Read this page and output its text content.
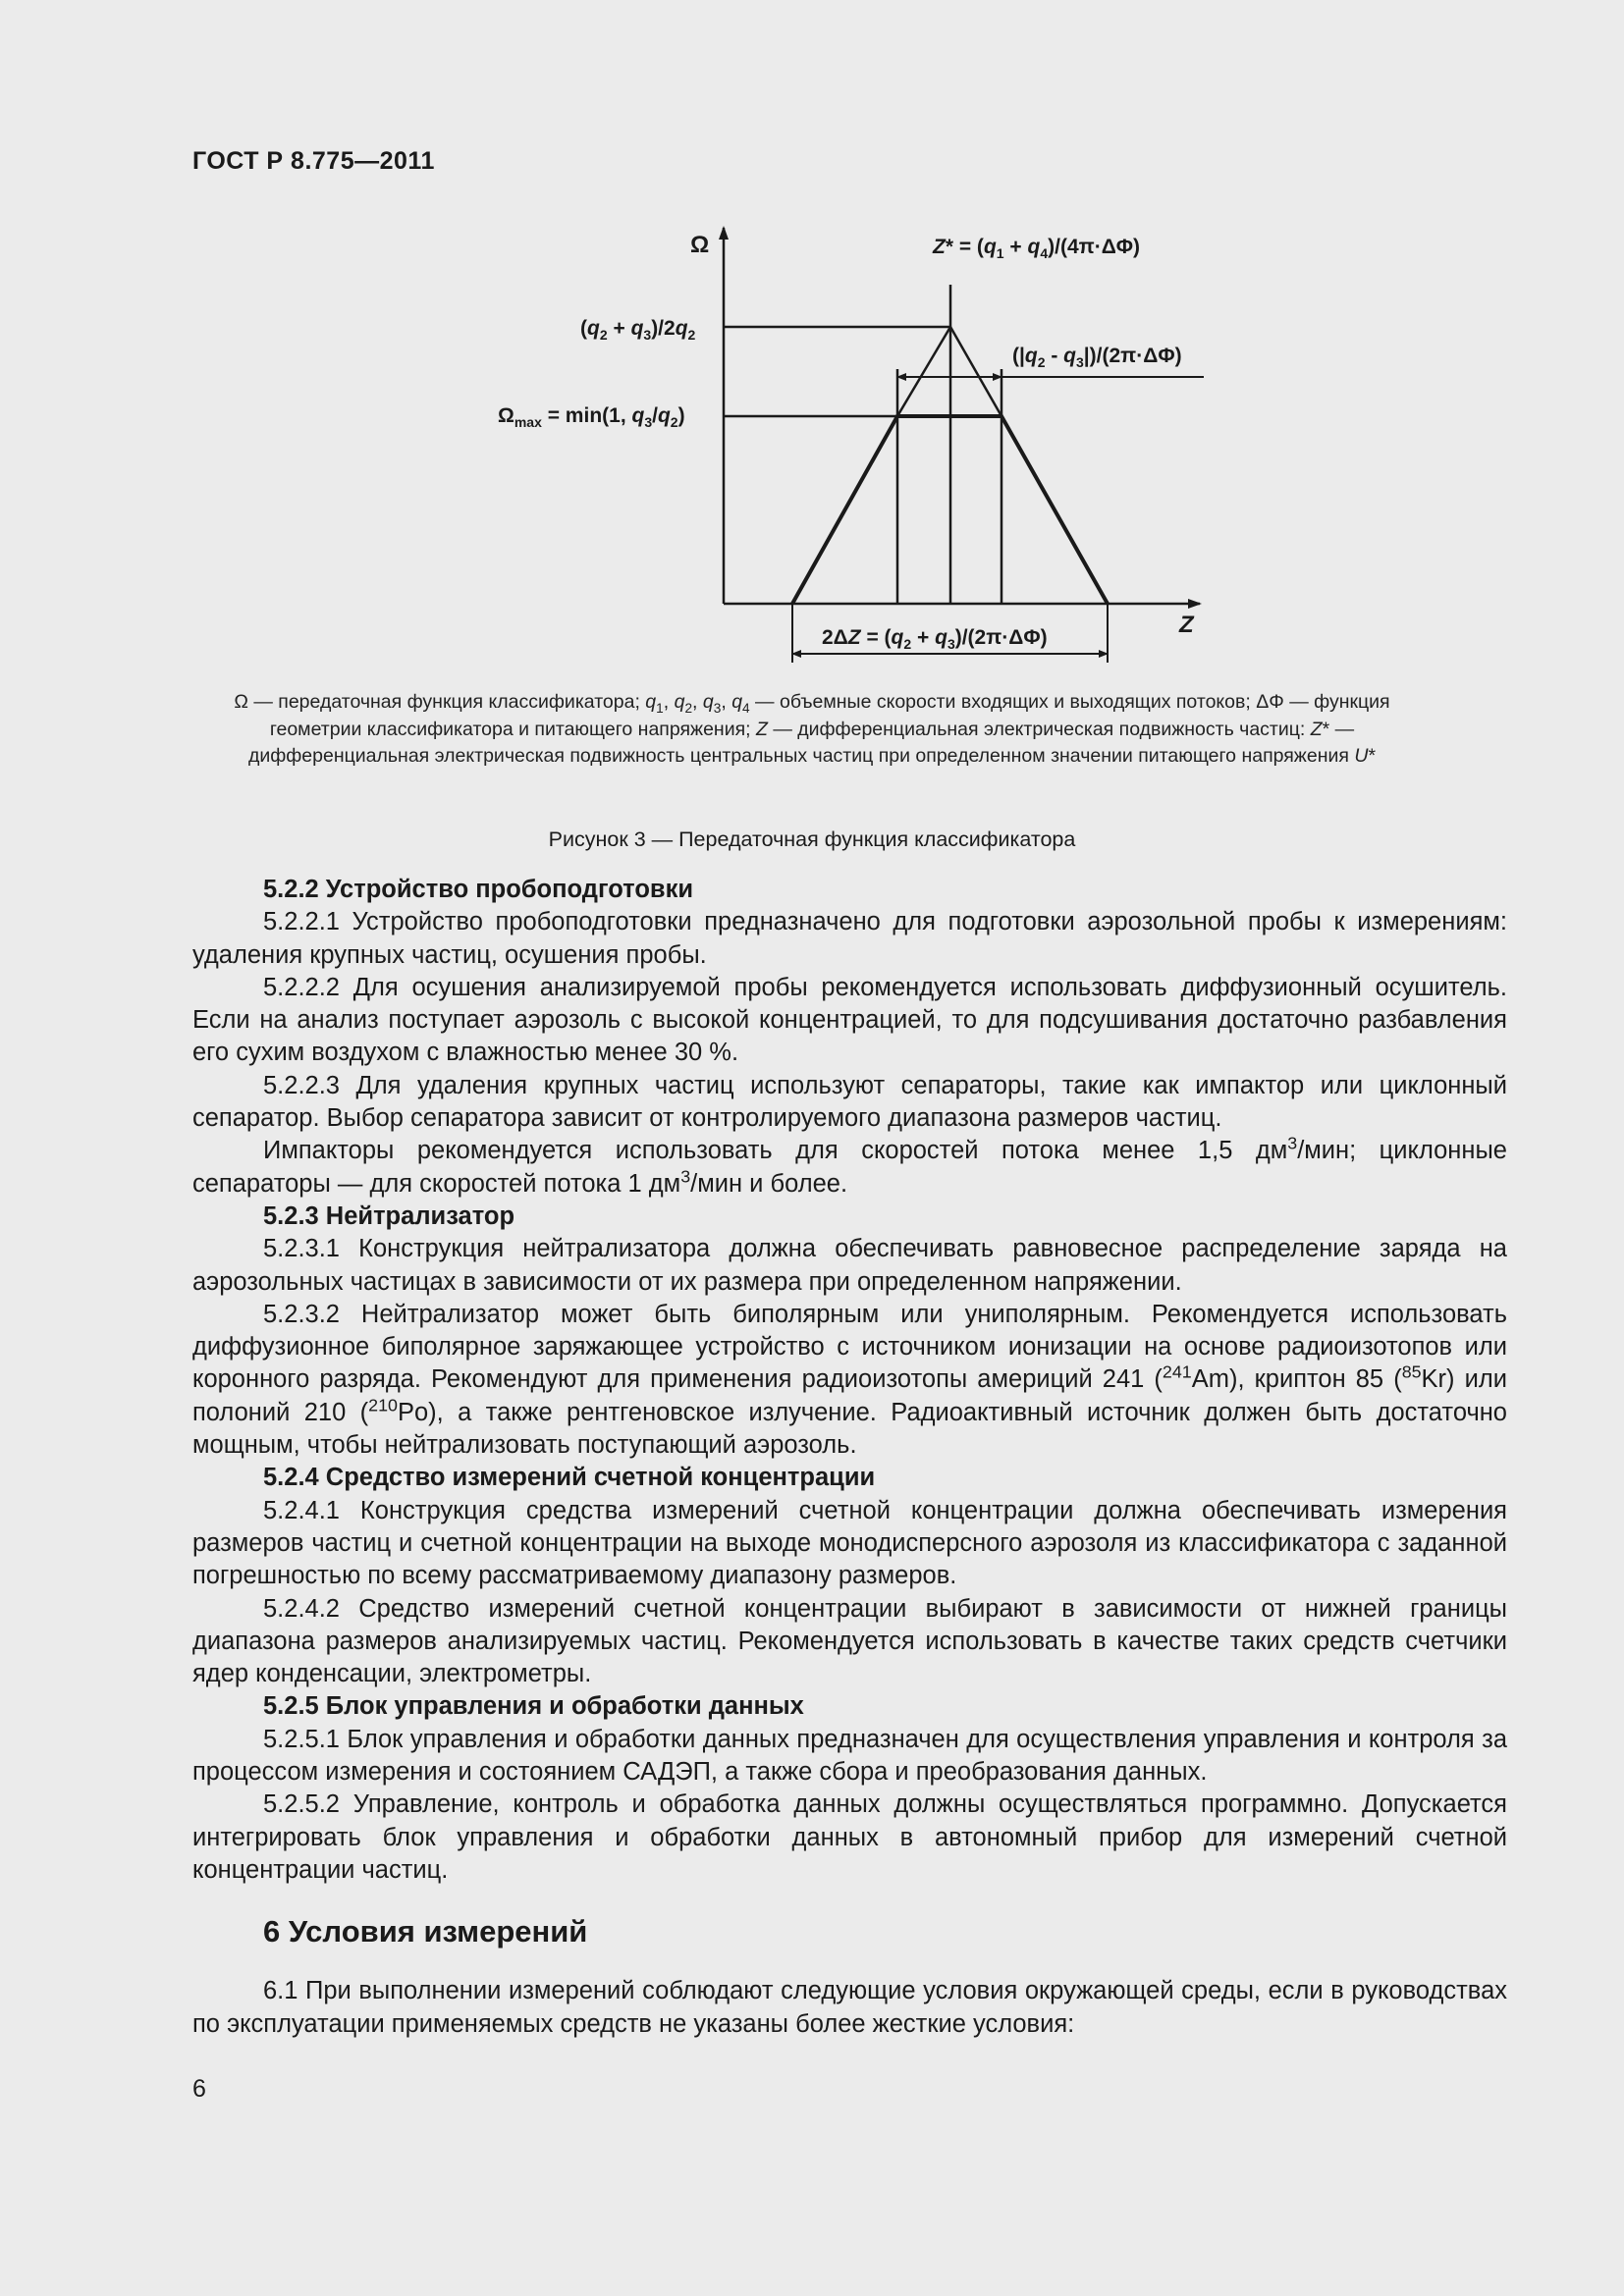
ГОСТ Р 8.775—2011
Ω
Z
$Z* = (q_1 + q_4)/(4\pi\cdot\Delta\Phi)$
$(q_2 + q_3)/2q_2$
$\Omega_{max} = \min(1$, $q_3/q_2$)
$(|q_2 - q_3|)/(2\pi\cdot\Delta\Phi)$
$2\Delta Z = (q_2 + q_3)/(2\pi\cdot\Delta\Phi)$
Ω — передаточная функция классификатора; $q_1$, $q_2$, $q_3$, $q_4$ — объемные скорости входящих и выходящих потоков; ΔΦ — функция геометрии классификатора и питающего напряжения; Z — дифференциальная электрическая подвижность частиц: Z* — дифференциальная электрическая подвижность центральных частиц при определенном значении питающего напряжения U*
Рисунок 3 — Передаточная функция классификатора

5.2.2 Устройство пробоподготовки

5.2.2.1 Устройство пробоподготовки предназначено для подготовки аэрозольной пробы к измерениям: удаления крупных частиц, осушения пробы.

5.2.2.2 Для осушения анализируемой пробы рекомендуется использовать диффузионный осушитель. Если на анализ поступает аэрозоль с высокой концентрацией, то для подсушивания достаточно разбавления его сухим воздухом с влажностью менее 30 %.

5.2.2.3 Для удаления крупных частиц используют сепараторы, такие как импактор или циклонный сепаратор. Выбор сепаратора зависит от контролируемого диапазона размеров частиц.

Импакторы рекомендуется использовать для скоростей потока менее 1,5 $дм^3$/мин; циклонные сепараторы — для скоростей потока 1 $дм^3$/мин и более.

5.2.3 Нейтрализатор

5.2.3.1 Конструкция нейтрализатора должна обеспечивать равновесное распределение заряда на аэрозольных частицах в зависимости от их размера при определенном напряжении.

5.2.3.2 Нейтрализатор может быть биполярным или униполярным. Рекомендуется использовать диффузионное биполярное заряжающее устройство с источником ионизации на основе радиоизотопов или коронного разряда. Рекомендуют для применения радиоизотопы америций 241 ($^{241}$Am), криптон 85 ($^{85}$Kr) или полоний 210 ($^{210}$Po), а также рентгеновское излучение. Радиоактивный источник должен быть достаточно мощным, чтобы нейтрализовать поступающий аэрозоль.

5.2.4 Средство измерений счетной концентрации

5.2.4.1 Конструкция средства измерений счетной концентрации должна обеспечивать измерения размеров частиц и счетной концентрации на выходе монодисперсного аэрозоля из классификатора с заданной погрешностью по всему рассматриваемому диапазону размеров.

5.2.4.2 Средство измерений счетной концентрации выбирают в зависимости от нижней границы диапазона размеров анализируемых частиц. Рекомендуется использовать в качестве таких средств счетчики ядер конденсации, электрометры.

5.2.5 Блок управления и обработки данных

5.2.5.1 Блок управления и обработки данных предназначен для осуществления управления и контроля за процессом измерения и состоянием САДЭП, а также сбора и преобразования данных.

5.2.5.2 Управление, контроль и обработка данных должны осуществляться программно. Допускается интегрировать блок управления и обработки данных в автономный прибор для измерений счетной концентрации частиц.

6 Условия измерений

6.1 При выполнении измерений соблюдают следующие условия окружающей среды, если в руководствах по эксплуатации применяемых средств не указаны более жесткие условия:

6
